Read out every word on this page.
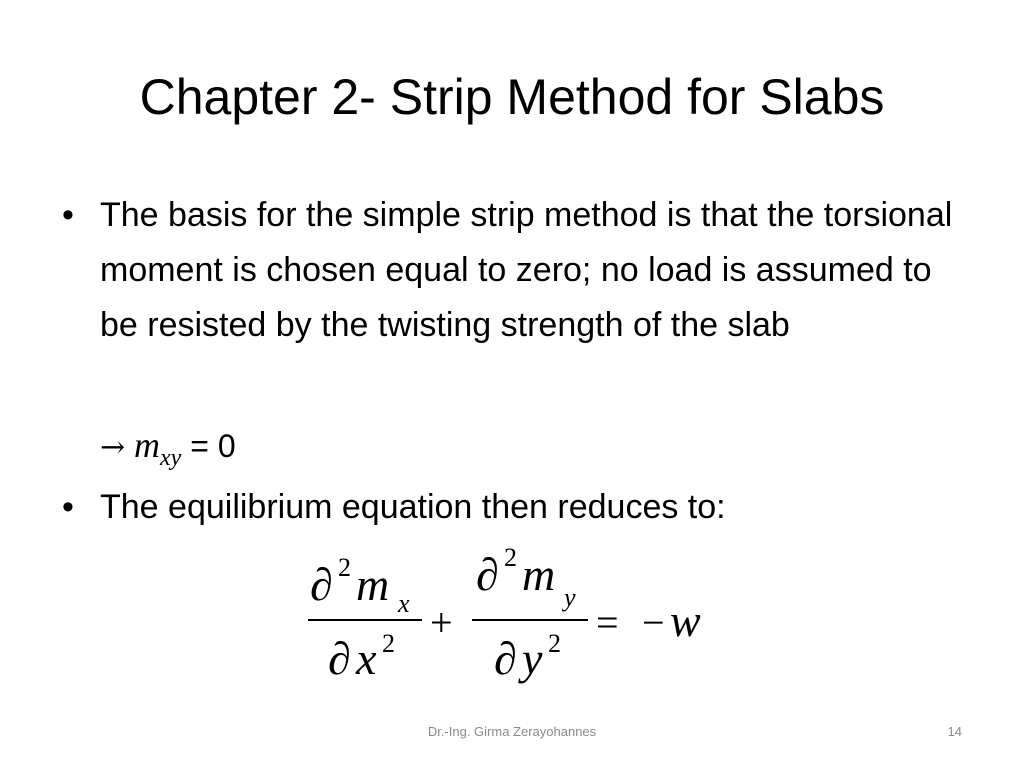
Chapter 2- Strip Method for Slabs
• The basis for the simple strip method is that the torsional moment is chosen equal to zero; no load is assumed to be resisted by the twisting strength of the slab
→ $m_{xy} = 0$
• The equilibrium equation then reduces to:
∂ 2 m x
∂ x 2 +
∂ 2 m y
∂ y 2 = − w
Dr.-Ing. Girma Zerayohannes	14
